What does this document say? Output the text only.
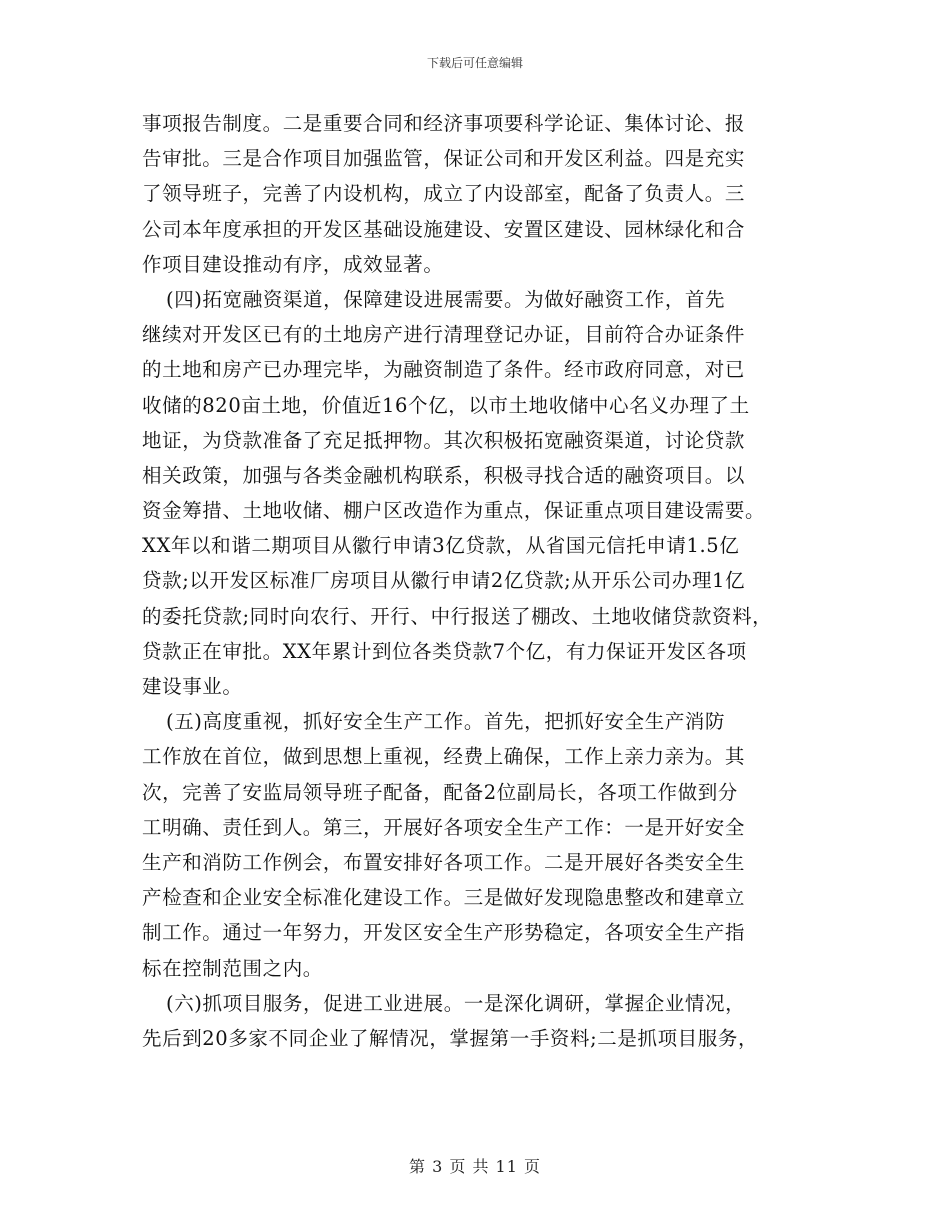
下载后可任意编辑
事项报告制度。二是重要合同和经济事项要科学论证、集体讨论、报
告审批。三是合作项目加强监管，保证公司和开发区利益。四是充实
了领导班子，完善了内设机构，成立了内设部室，配备了负责人。三
公司本年度承担的开发区基础设施建设、安置区建设、园林绿化和合
作项目建设推动有序，成效显著。
(四)拓宽融资渠道，保障建设进展需要。为做好融资工作，首先
继续对开发区已有的土地房产进行清理登记办证，目前符合办证条件
的土地和房产已办理完毕，为融资制造了条件。经市政府同意，对已
收储的820亩土地，价值近16个亿，以市土地收储中心名义办理了土
地证，为贷款准备了充足抵押物。其次积极拓宽融资渠道，讨论贷款
相关政策，加强与各类金融机构联系，积极寻找合适的融资项目。以
资金筹措、土地收储、棚户区改造作为重点，保证重点项目建设需要。
XX年以和谐二期项目从徽行申请3亿贷款，从省国元信托申请1.5亿
贷款;以开发区标准厂房项目从徽行申请2亿贷款;从开乐公司办理1亿
的委托贷款;同时向农行、开行、中行报送了棚改、土地收储贷款资料，
贷款正在审批。XX年累计到位各类贷款7个亿，有力保证开发区各项
建设事业。
(五)高度重视，抓好安全生产工作。首先，把抓好安全生产消防
工作放在首位，做到思想上重视，经费上确保，工作上亲力亲为。其
次，完善了安监局领导班子配备，配备2位副局长，各项工作做到分
工明确、责任到人。第三，开展好各项安全生产工作：一是开好安全
生产和消防工作例会，布置安排好各项工作。二是开展好各类安全生
产检查和企业安全标准化建设工作。三是做好发现隐患整改和建章立
制工作。通过一年努力，开发区安全生产形势稳定，各项安全生产指
标在控制范围之内。
(六)抓项目服务，促进工业进展。一是深化调研，掌握企业情况，
先后到20多家不同企业了解情况，掌握第一手资料;二是抓项目服务，
第 3 页 共 11 页
